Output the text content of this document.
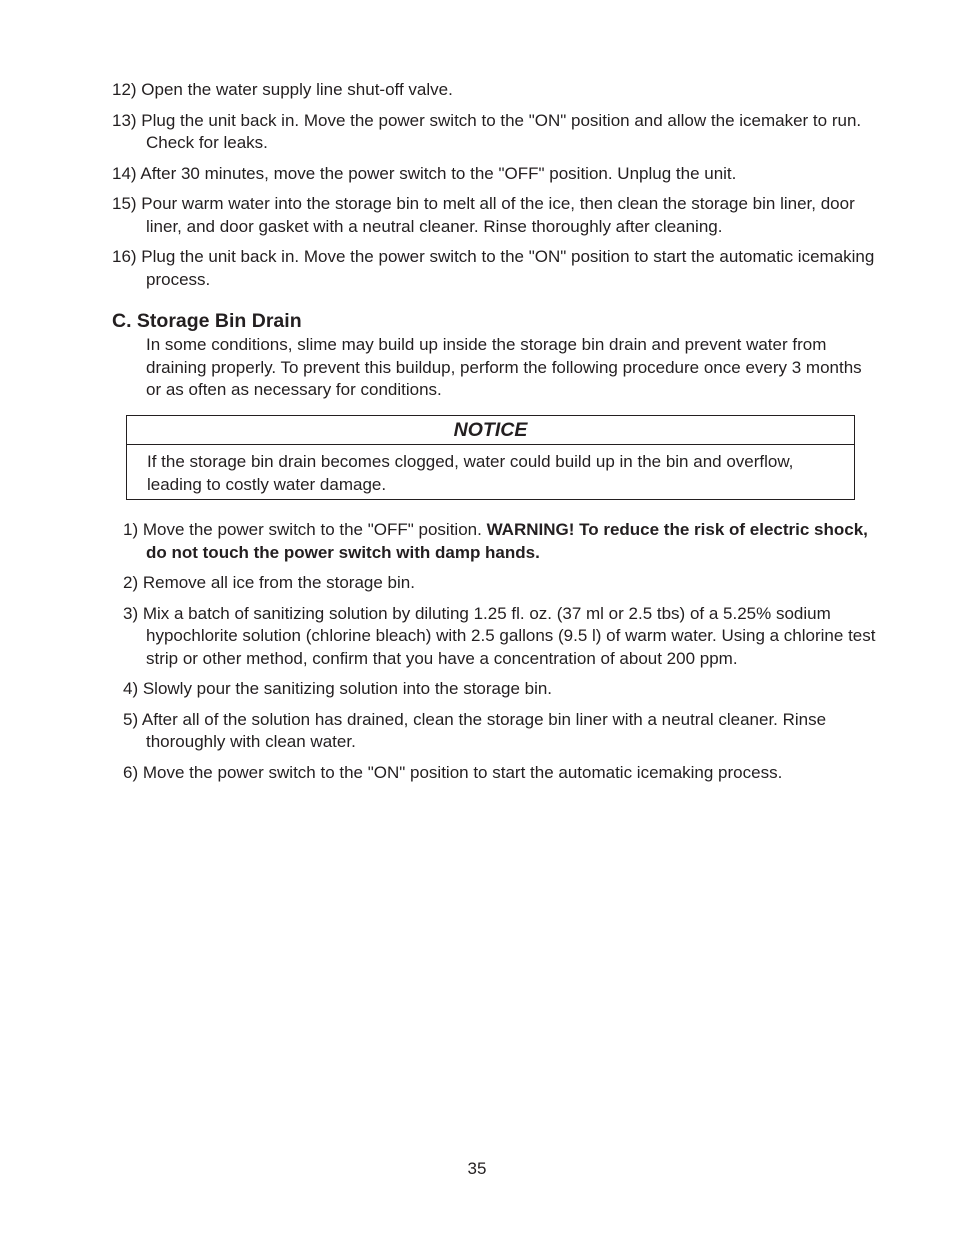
12) Open the water supply line shut-off valve.
13) Plug the unit back in. Move the power switch to the "ON" position and allow the icemaker to run. Check for leaks.
14) After 30 minutes, move the power switch to the "OFF" position. Unplug the unit.
15) Pour warm water into the storage bin to melt all of the ice, then clean the storage bin liner, door liner, and door gasket with a neutral cleaner. Rinse thoroughly after cleaning.
16) Plug the unit back in. Move the power switch to the "ON" position to start the automatic icemaking process.
C. Storage Bin Drain
In some conditions, slime may build up inside the storage bin drain and prevent water from draining properly. To prevent this buildup, perform the following procedure once every 3 months or as often as necessary for conditions.
NOTICE
If the storage bin drain becomes clogged, water could build up in the bin and overflow, leading to costly water damage.
1) Move the power switch to the "OFF" position. WARNING! To reduce the risk of electric shock, do not touch the power switch with damp hands.
2) Remove all ice from the storage bin.
3) Mix a batch of sanitizing solution by diluting 1.25 fl. oz. (37 ml or 2.5 tbs) of a 5.25% sodium hypochlorite solution (chlorine bleach) with 2.5 gallons (9.5 l) of warm water. Using a chlorine test strip or other method, confirm that you have a concentration of about 200 ppm.
4) Slowly pour the sanitizing solution into the storage bin.
5) After all of the solution has drained, clean the storage bin liner with a neutral cleaner. Rinse thoroughly with clean water.
6) Move the power switch to the "ON" position to start the automatic icemaking process.
35
